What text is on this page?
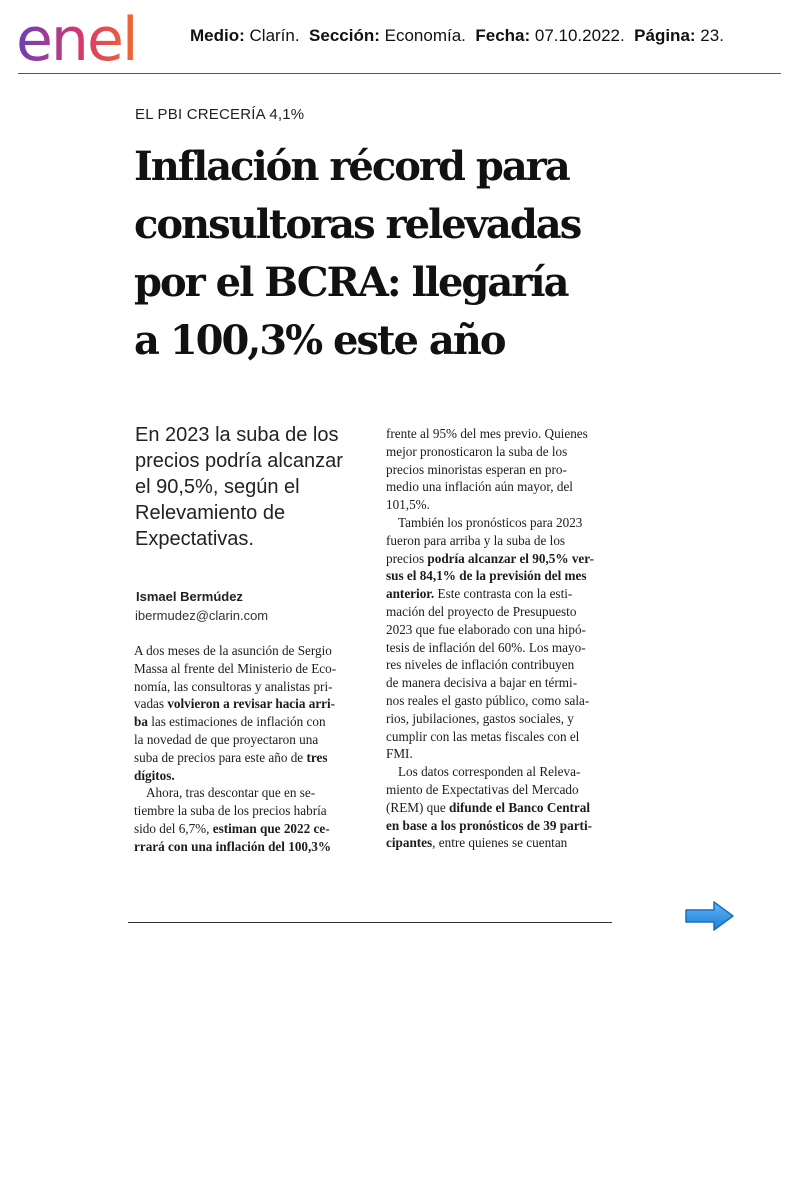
enel	Medio: Clarín. Sección: Economía. Fecha: 07.10.2022. Página: 23.
EL PBI CRECERÍA 4,1%
Inflación récord para
consultoras relevadas
por el BCRA: llegaría
a 100,3% este año
En 2023 la suba de los
precios podría alcanzar
el 90,5%, según el
Relevamiento de
Expectativas.
Ismael Bermúdez
ibermudez@clarin.com
A dos meses de la asunción de Sergio
Massa al frente del Ministerio de Eco-
nomía, las consultoras y analistas pri-
vadas volvieron a revisar hacia arri-
ba las estimaciones de inflación con
la novedad de que proyectaron una
suba de precios para este año de tres
dígitos.
Ahora, tras descontar que en se-
tiembre la suba de los precios habría
sido del 6,7%, estiman que 2022 ce-
rrará con una inflación del 100,3%
frente al 95% del mes previo. Quienes
mejor pronosticaron la suba de los
precios minoristas esperan en pro-
medio una inflación aún mayor, del
101,5%.
También los pronósticos para 2023
fueron para arriba y la suba de los
precios podría alcanzar el 90,5% ver-
sus el 84,1% de la previsión del mes
anterior. Este contrasta con la esti-
mación del proyecto de Presupuesto
2023 que fue elaborado con una hipó-
tesis de inflación del 60%. Los mayo-
res niveles de inflación contribuyen
de manera decisiva a bajar en térmi-
nos reales el gasto público, como sala-
rios, jubilaciones, gastos sociales, y
cumplir con las metas fiscales con el
FMI.
Los datos corresponden al Releva-
miento de Expectativas del Mercado
(REM) que difunde el Banco Central
en base a los pronósticos de 39 parti-
cipantes, entre quienes se cuentan
